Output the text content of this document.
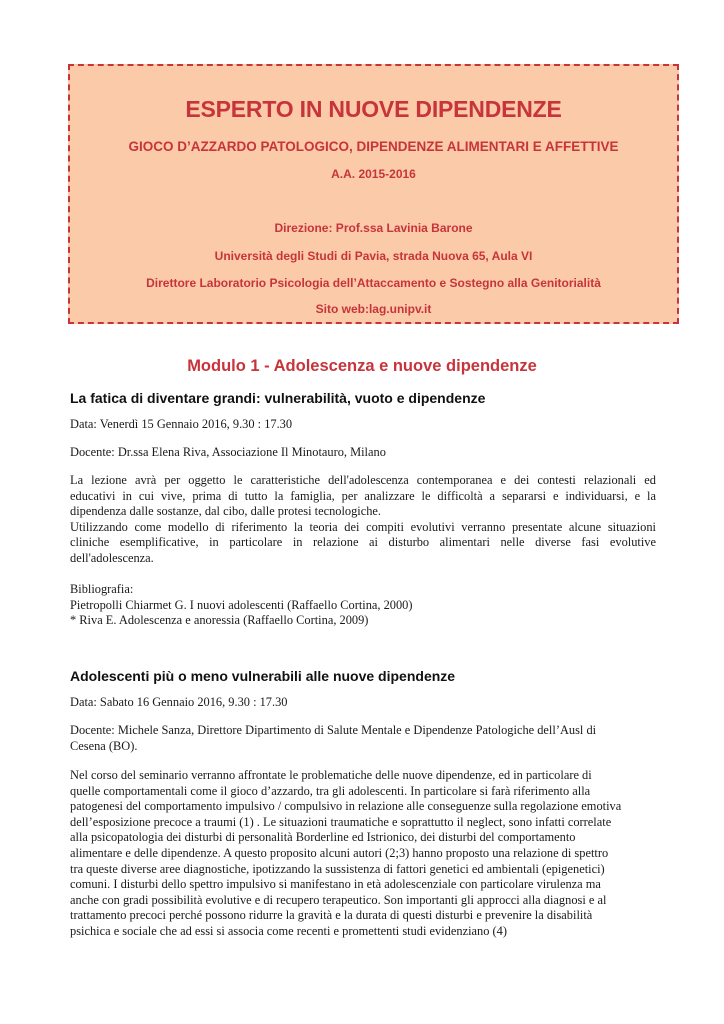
ESPERTO IN NUOVE DIPENDENZE
GIOCO D’AZZARDO PATOLOGICO, DIPENDENZE ALIMENTARI E AFFETTIVE
A.A. 2015-2016
Direzione: Prof.ssa Lavinia Barone
Università degli Studi di Pavia, strada Nuova 65, Aula VI
Direttore Laboratorio Psicologia dell’Attaccamento e Sostegno alla Genitorialità
Sito web:lag.unipv.it
Modulo 1 - Adolescenza e nuove dipendenze
La fatica di diventare grandi: vulnerabilità, vuoto e dipendenze

Data: Venerdì 15 Gennaio 2016, 9.30 : 17.30

Docente: Dr.ssa Elena Riva, Associazione Il Minotauro, Milano

La lezione avrà per oggetto le caratteristiche dell'adolescenza contemporanea e dei contesti relazionali ed
educativi in cui vive, prima di tutto la famiglia, per analizzare le difficoltà a separarsi e individuarsi, e la
dipendenza dalle sostanze, dal cibo, dalle protesi tecnologiche.
Utilizzando come modello di riferimento la teoria dei compiti evolutivi verranno presentate alcune situazioni
cliniche esemplificative, in particolare in relazione ai disturbo alimentari nelle diverse fasi evolutive
dell'adolescenza.
Bibliografia:
Pietropolli Chiarmet G. I nuovi adolescenti (Raffaello Cortina, 2000)
* Riva E. Adolescenza e anoressia (Raffaello Cortina, 2009)
Adolescenti più o meno vulnerabili alle nuove dipendenze

Data: Sabato 16 Gennaio 2016, 9.30 : 17.30

Docente: Michele Sanza, Direttore Dipartimento di Salute Mentale e Dipendenze Patologiche dell’Ausl di
Cesena (BO).
Nel corso del seminario verranno affrontate le problematiche delle nuove dipendenze, ed in particolare di
quelle comportamentali come il gioco d’azzardo, tra gli adolescenti. In particolare si farà riferimento alla
patogenesi del comportamento impulsivo / compulsivo in relazione alle conseguenze sulla regolazione emotiva
dell’esposizione precoce a traumi (1) . Le situazioni traumatiche e soprattutto il neglect, sono infatti correlate
alla psicopatologia dei disturbi di personalità Borderline ed Istrionico, dei disturbi del comportamento
alimentare e delle dipendenze. A questo proposito alcuni autori (2;3) hanno proposto una relazione di spettro
tra queste diverse aree diagnostiche, ipotizzando la sussistenza di fattori genetici ed ambientali (epigenetici)
comuni. I disturbi dello spettro impulsivo si manifestano in età adolescenziale con particolare virulenza ma
anche con gradi possibilità evolutive e di recupero terapeutico. Son importanti gli approcci alla diagnosi e al
trattamento precoci perché possono ridurre la gravità e la durata di questi disturbi e prevenire la disabilità
psichica e sociale che ad essi si associa come recenti e promettenti studi evidenziano (4)
